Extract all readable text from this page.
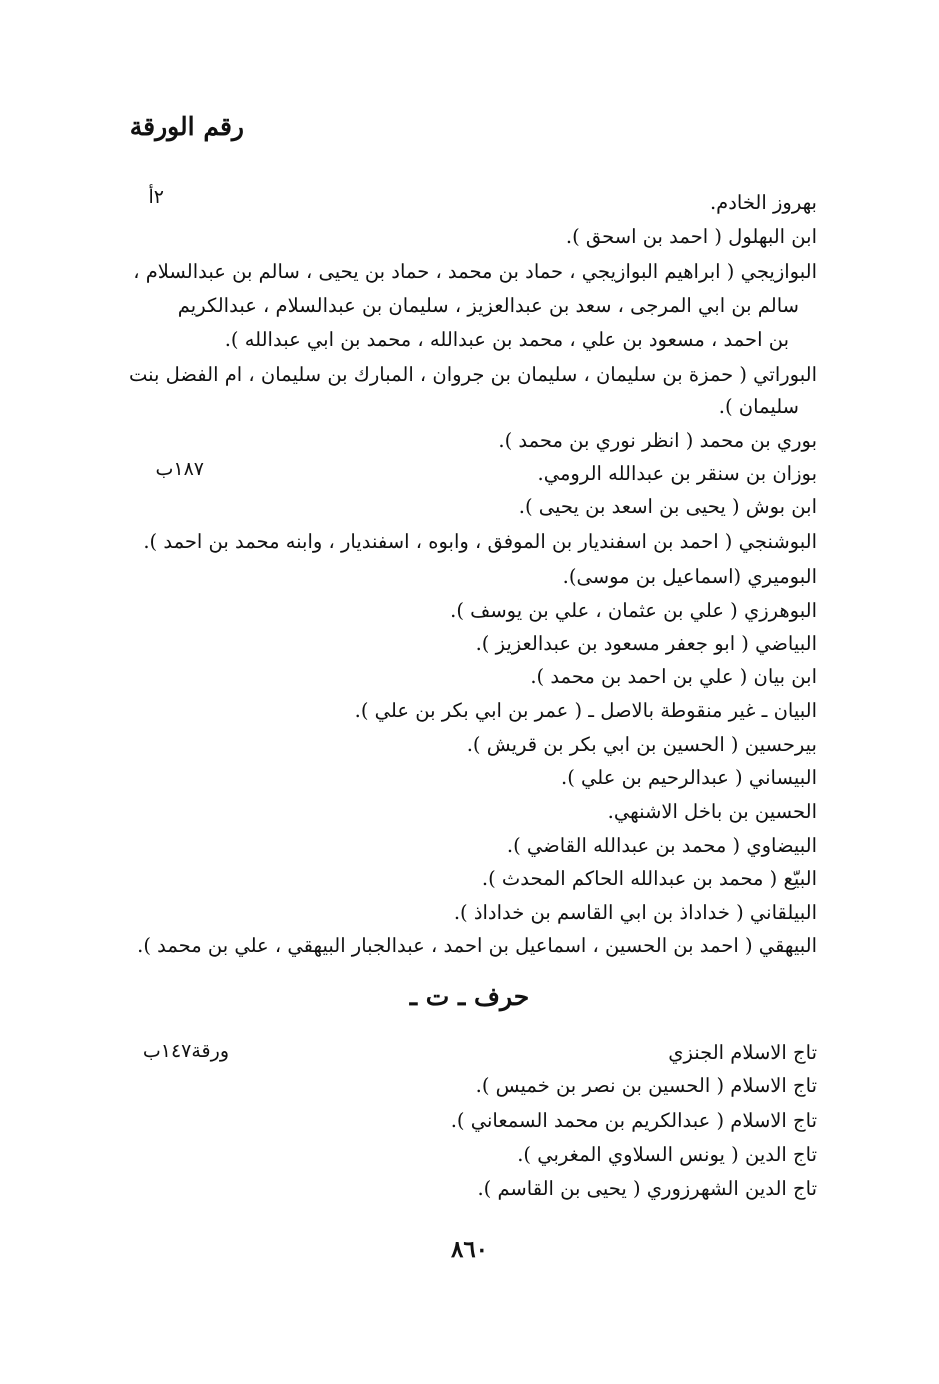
رقم الورقة
٢أ
١٨٧ب
ورقة١٤٧ب
بهروز الخادم.
ابن البهلول ( احمد بن اسحق ).
البوازيجي ( ابراهيم البوازيجي ، حماد بن محمد ، حماد بن يحيى ، سالم بن عبدالسلام ،
سالم بن ابي المرجى ، سعد بن عبدالعزيز ، سليمان بن عبدالسلام ، عبدالكريم
بن احمد ، مسعود بن علي ، محمد بن عبدالله ، محمد بن ابي عبدالله ).
البوراتي ( حمزة بن سليمان ، سليمان بن جروان ، المبارك بن سليمان ، ام الفضل بنت
سليمان ).
بوري بن محمد ( انظر نوري بن محمد ).
بوزان بن سنقر بن عبدالله الرومي.
ابن بوش ( يحيى بن اسعد بن يحيى ).
البوشنجي ( احمد بن اسفنديار بن الموفق ، وابوه ، اسفنديار ، وابنه محمد بن احمد ).
البوميري (اسماعيل بن موسى).
البوهرزي ( علي بن عثمان ، علي بن يوسف ).
البياضي ( ابو جعفر مسعود بن عبدالعزيز ).
ابن بيان ( علي بن احمد بن محمد ).
البيان ـ غير منقوطة بالاصل ـ ( عمر بن ابي بكر بن علي ).
بيرحسين ( الحسين بن ابي بكر بن قريش ).
البيساني ( عبدالرحيم بن علي ).
الحسين بن باخل الاشنهي.
البيضاوي ( محمد بن عبدالله القاضي ).
البيّع ( محمد بن عبدالله الحاكم المحدث ).
البيلقاني ( خداداذ بن ابي القاسم بن خداداذ ).
البيهقي ( احمد بن الحسين ، اسماعيل بن احمد ، عبدالجبار البيهقي ، علي بن محمد ).
حرف ـ ت ـ
تاج الاسلام الجنزي
تاج الاسلام ( الحسين بن نصر بن خميس ).
تاج الاسلام ( عبدالكريم بن محمد السمعاني ).
تاج الدين ( يونس السلاوي المغربي ).
تاج الدين الشهرزوري ( يحيى بن القاسم ).
٨٦٠
